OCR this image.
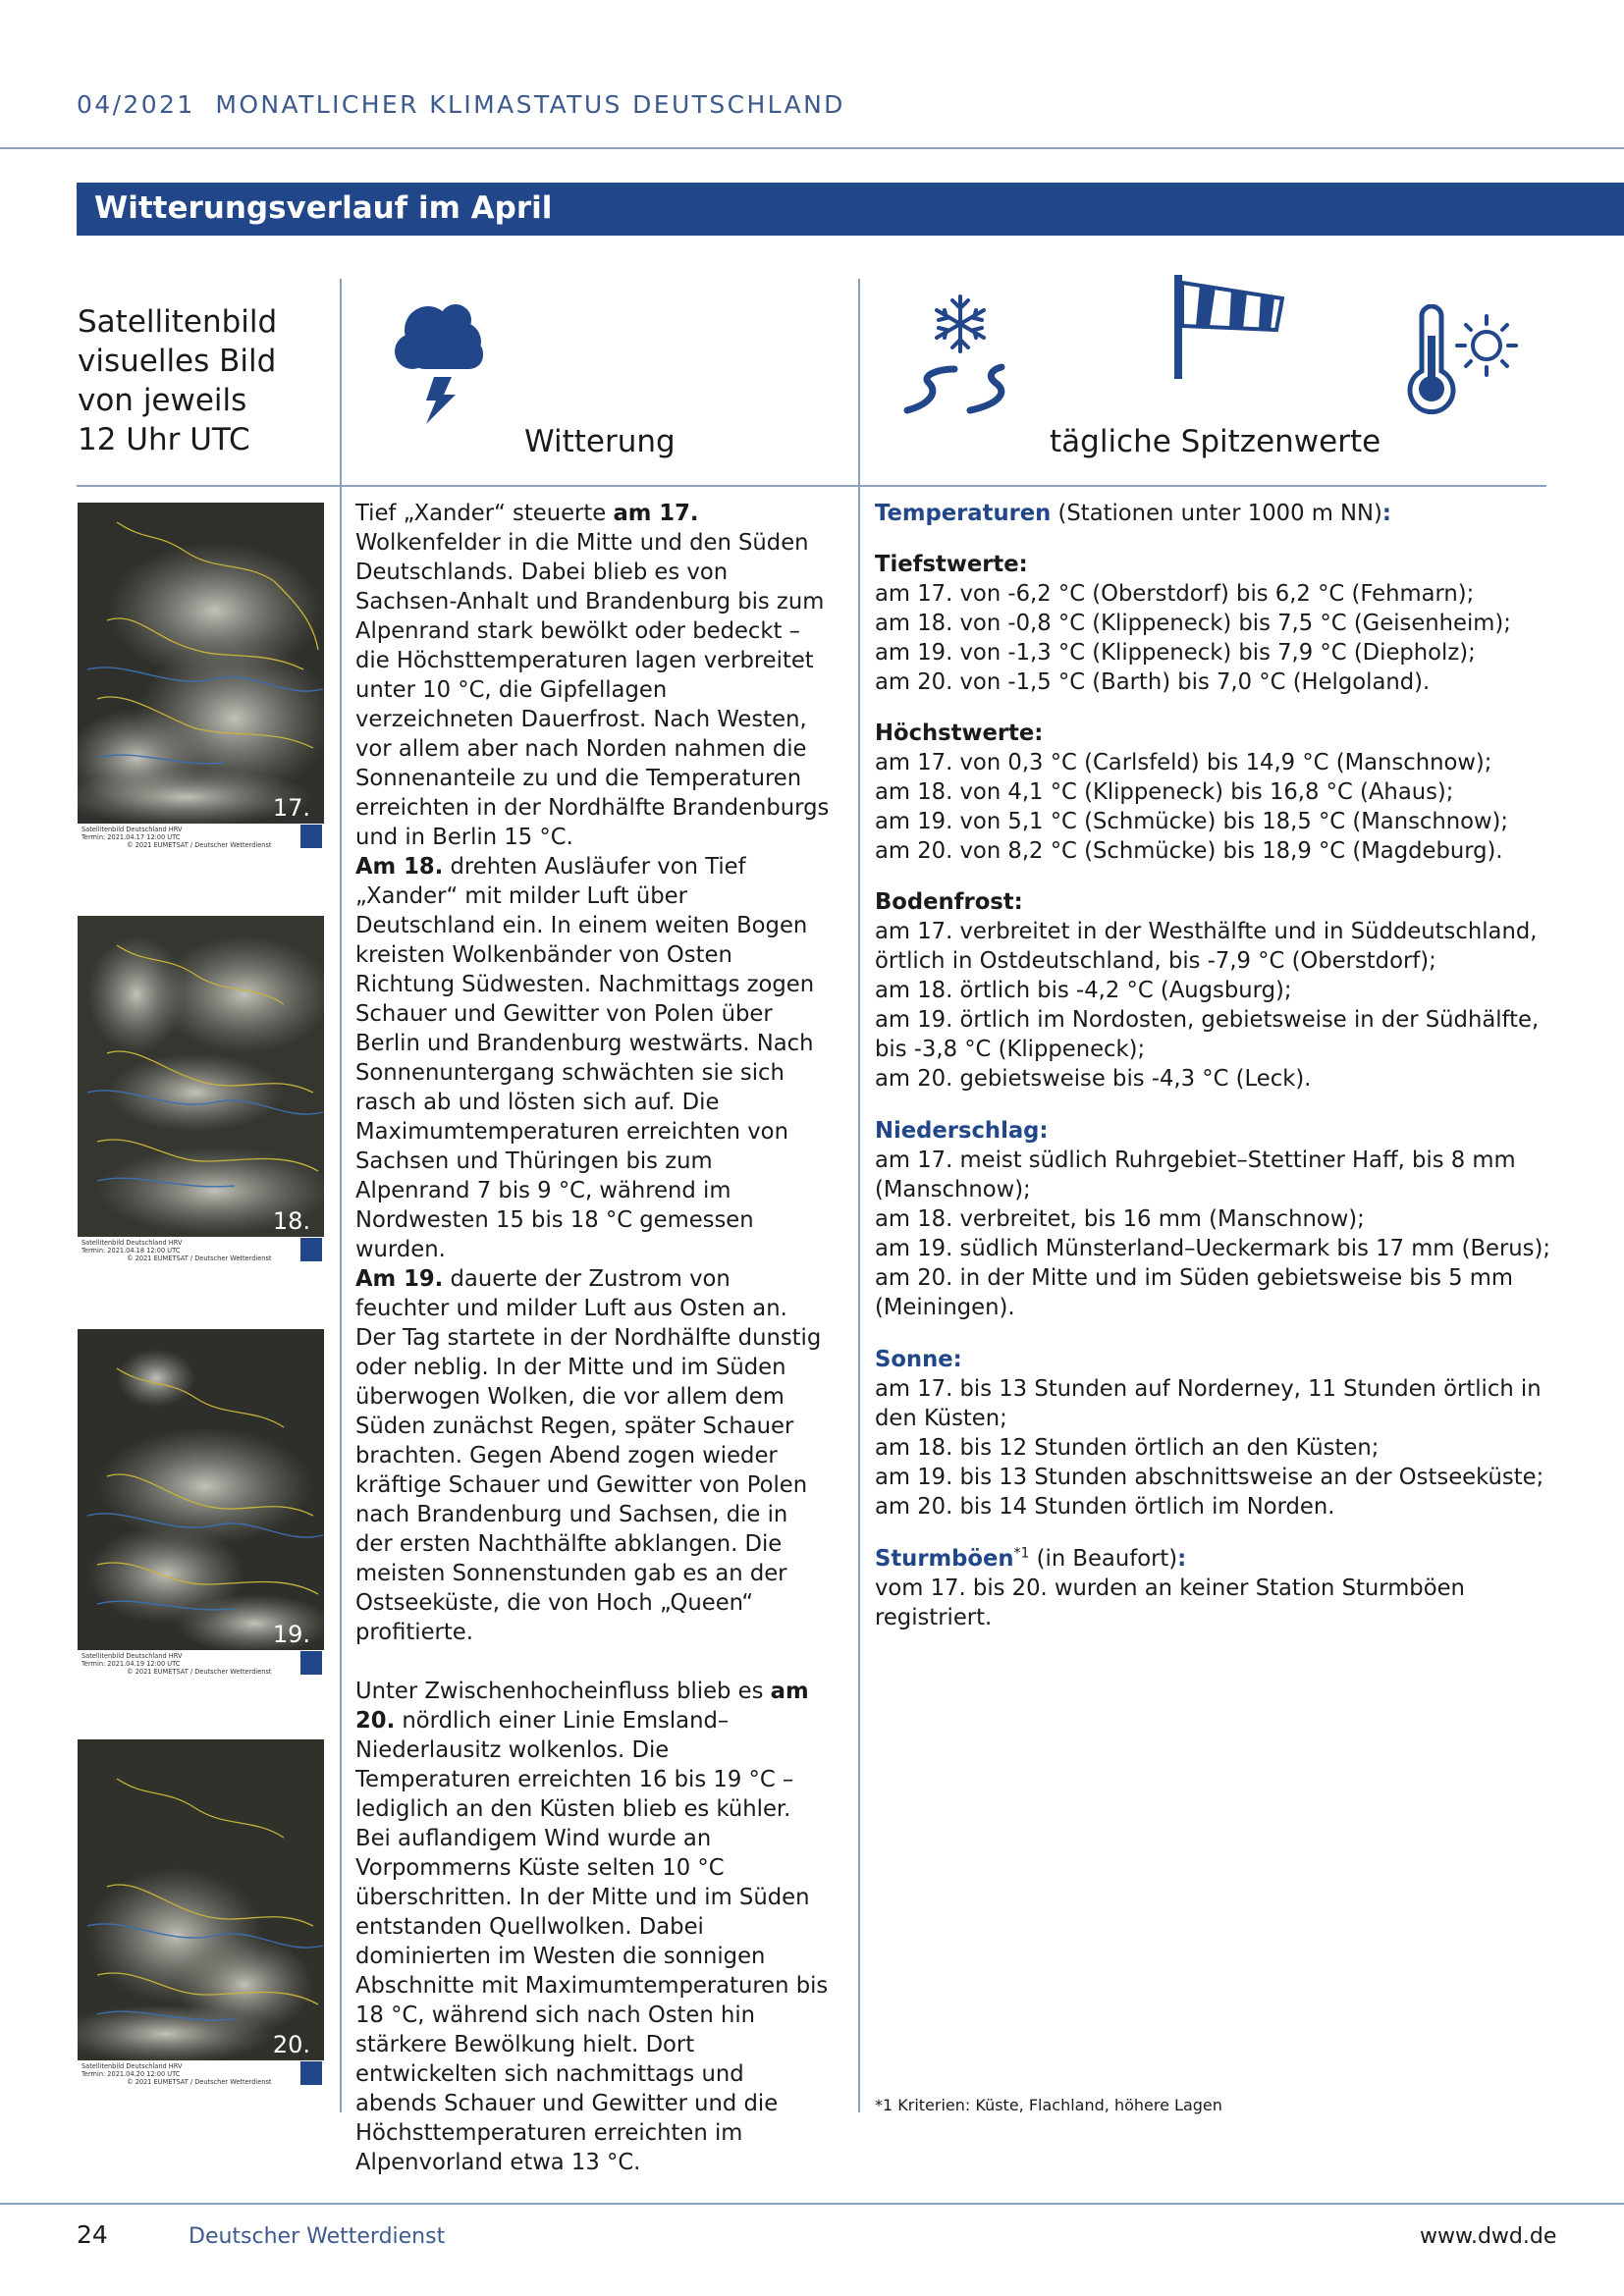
04/2021 MONATLICHER KLIMASTATUS DEUTSCHLAND
Witterungsverlauf im April
Satellitenbild
visuelles Bild
von jeweils
12 Uhr UTC	Witterung	tägliche Spitzenwerte
17.
Satellitenbild Deutschland HRV
Termin: 2021.04.17 12:00 UTC
© 2021 EUMETSAT / Deutscher Wetterdienst
18.
Satellitenbild Deutschland HRV
Termin: 2021.04.18 12:00 UTC
© 2021 EUMETSAT / Deutscher Wetterdienst
19.
Satellitenbild Deutschland HRV
Termin: 2021.04.19 12:00 UTC
© 2021 EUMETSAT / Deutscher Wetterdienst
20.
Satellitenbild Deutschland HRV
Termin: 2021.04.20 12:00 UTC
© 2021 EUMETSAT / Deutscher Wetterdienst

Tief „Xander“ steuerte am 17. Wolkenfelder in die Mitte und den Süden Deutschlands. Dabei blieb es von Sachsen-Anhalt und Brandenburg bis zum Alpenrand stark bewölkt oder bedeckt – die Höchsttemperaturen lagen verbreitet unter 10 °C, die Gipfellagen verzeichneten Dauerfrost. Nach Westen, vor allem aber nach Norden nahmen die Sonnenanteile zu und die Temperaturen erreichten in der Nordhälfte Brandenburgs und in Berlin 15 °C.

Am 18. drehten Ausläufer von Tief „Xander“ mit milder Luft über Deutschland ein. In einem weiten Bogen kreisten Wolkenbänder von Osten Richtung Südwesten. Nachmittags zogen Schauer und Gewitter von Polen über Berlin und Brandenburg westwärts. Nach Sonnenuntergang schwächten sie sich rasch ab und lösten sich auf. Die Maximumtemperaturen erreichten von Sachsen und Thüringen bis zum Alpenrand 7 bis 9 °C, während im Nordwesten 15 bis 18 °C gemessen wurden.

Am 19. dauerte der Zustrom von feuchter und milder Luft aus Osten an. Der Tag startete in der Nordhälfte dunstig oder neblig. In der Mitte und im Süden überwogen Wolken, die vor allem dem Süden zunächst Regen, später Schauer brachten. Gegen Abend zogen wieder kräftige Schauer und Gewitter von Polen nach Brandenburg und Sachsen, die in der ersten Nachthälfte abklangen. Die meisten Sonnenstunden gab es an der Ostseeküste, die von Hoch „Queen“ profitierte.

Unter Zwischenhocheinfluss blieb es am 20. nördlich einer Linie Emsland–Niederlausitz wolkenlos. Die Temperaturen erreichten 16 bis 19 °C – lediglich an den Küsten blieb es kühler. Bei auflandigem Wind wurde an Vorpommerns Küste selten 10 °C überschritten. In der Mitte und im Süden entstanden Quellwolken. Dabei dominierten im Westen die sonnigen Abschnitte mit Maximumtemperaturen bis 18 °C, während sich nach Osten hin stärkere Bewölkung hielt. Dort entwickelten sich nachmittags und abends Schauer und Gewitter und die Höchsttemperaturen erreichten im Alpenvorland etwa 13 °C.

Temperaturen (Stationen unter 1000 m NN):
Tiefstwerte:
am 17. von -6,2 °C (Oberstdorf) bis 6,2 °C (Fehmarn);
am 18. von -0,8 °C (Klippeneck) bis 7,5 °C (Geisenheim);
am 19. von -1,3 °C (Klippeneck) bis 7,9 °C (Diepholz);
am 20. von -1,5 °C (Barth) bis 7,0 °C (Helgoland).
Höchstwerte:
am 17. von 0,3 °C (Carlsfeld) bis 14,9 °C (Manschnow);
am 18. von 4,1 °C (Klippeneck) bis 16,8 °C (Ahaus);
am 19. von 5,1 °C (Schmücke) bis 18,5 °C (Manschnow);
am 20. von 8,2 °C (Schmücke) bis 18,9 °C (Magdeburg).
Bodenfrost:
am 17. verbreitet in der Westhälfte und in Süddeutschland, örtlich in Ostdeutschland, bis -7,9 °C (Oberstdorf);
am 18. örtlich bis -4,2 °C (Augsburg);
am 19. örtlich im Nordosten, gebietsweise in der Südhälfte, bis -3,8 °C (Klippeneck);
am 20. gebietsweise bis -4,3 °C (Leck).
Niederschlag:
am 17. meist südlich Ruhrgebiet–Stettiner Haff, bis 8 mm (Manschnow);
am 18. verbreitet, bis 16 mm (Manschnow);
am 19. südlich Münsterland–Ueckermark bis 17 mm (Berus);
am 20. in der Mitte und im Süden gebietsweise bis 5 mm (Meiningen).
Sonne:
am 17. bis 13 Stunden auf Norderney, 11 Stunden örtlich in den Küsten;
am 18. bis 12 Stunden örtlich an den Küsten;
am 19. bis 13 Stunden abschnittsweise an der Ostseeküste;
am 20. bis 14 Stunden örtlich im Norden.
Sturmböen$^{*1}$ (in Beaufort):
vom 17. bis 20. wurden an keiner Station Sturmböen registriert.
*1 Kriterien: Küste, Flachland, höhere Lagen
24	Deutscher Wetterdienst	www.dwd.de
